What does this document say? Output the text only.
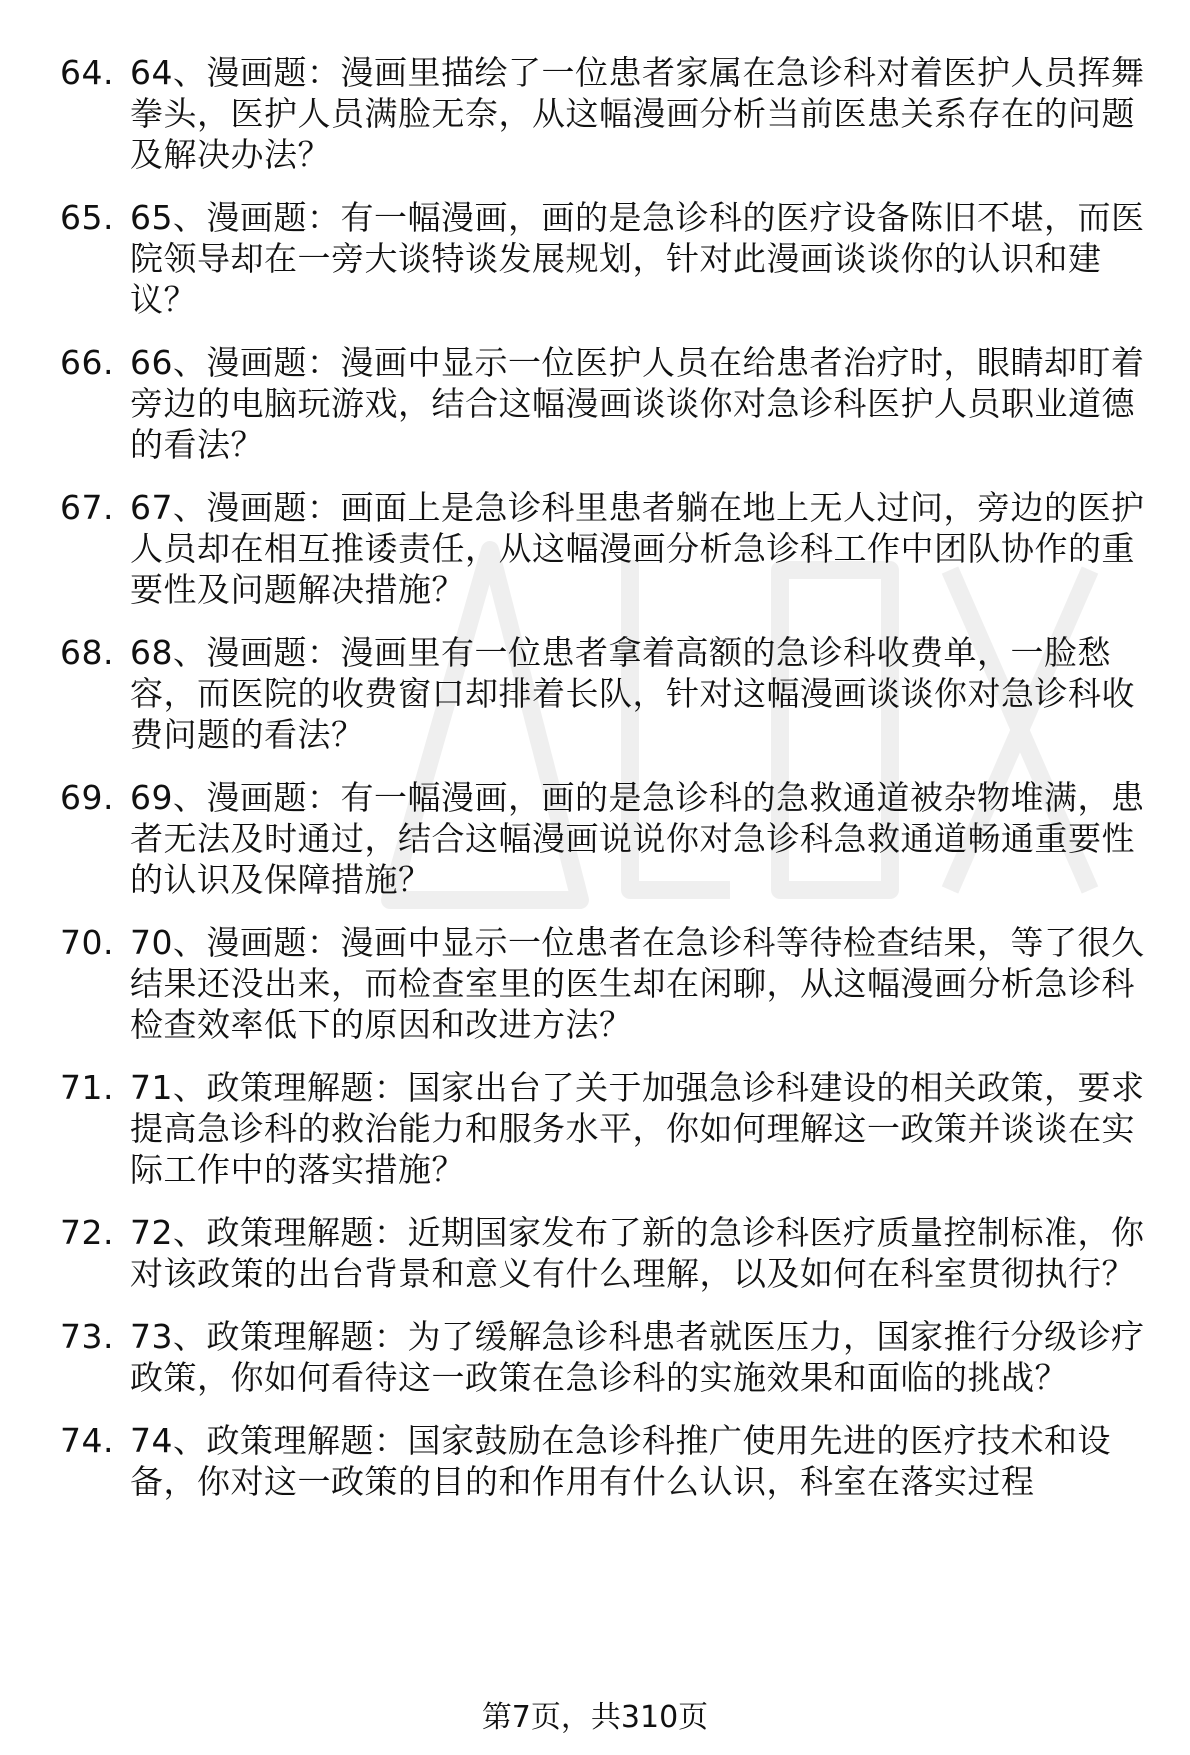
64. 64、漫画题：漫画里描绘了一位患者家属在急诊科对着医护人员挥舞拳头，医护人员满脸无奈，从这幅漫画分析当前医患关系存在的问题及解决办法？
65. 65、漫画题：有一幅漫画，画的是急诊科的医疗设备陈旧不堪，而医院领导却在一旁大谈特谈发展规划，针对此漫画谈谈你的认识和建议？
66. 66、漫画题：漫画中显示一位医护人员在给患者治疗时，眼睛却盯着旁边的电脑玩游戏，结合这幅漫画谈谈你对急诊科医护人员职业道德的看法？
67. 67、漫画题：画面上是急诊科里患者躺在地上无人过问，旁边的医护人员却在相互推诿责任，从这幅漫画分析急诊科工作中团队协作的重要性及问题解决措施？
68. 68、漫画题：漫画里有一位患者拿着高额的急诊科收费单，一脸愁容，而医院的收费窗口却排着长队，针对这幅漫画谈谈你对急诊科收费问题的看法？
69. 69、漫画题：有一幅漫画，画的是急诊科的急救通道被杂物堆满，患者无法及时通过，结合这幅漫画说说你对急诊科急救通道畅通重要性的认识及保障措施？
70. 70、漫画题：漫画中显示一位患者在急诊科等待检查结果，等了很久结果还没出来，而检查室里的医生却在闲聊，从这幅漫画分析急诊科检查效率低下的原因和改进方法？
71. 71、政策理解题：国家出台了关于加强急诊科建设的相关政策，要求提高急诊科的救治能力和服务水平，你如何理解这一政策并谈谈在实际工作中的落实措施？
72. 72、政策理解题：近期国家发布了新的急诊科医疗质量控制标准，你对该政策的出台背景和意义有什么理解，以及如何在科室贯彻执行？
73. 73、政策理解题：为了缓解急诊科患者就医压力，国家推行分级诊疗政策，你如何看待这一政策在急诊科的实施效果和面临的挑战？
74. 74、政策理解题：国家鼓励在急诊科推广使用先进的医疗技术和设备，你对这一政策的目的和作用有什么认识，科室在落实过程
第7页，共310页
